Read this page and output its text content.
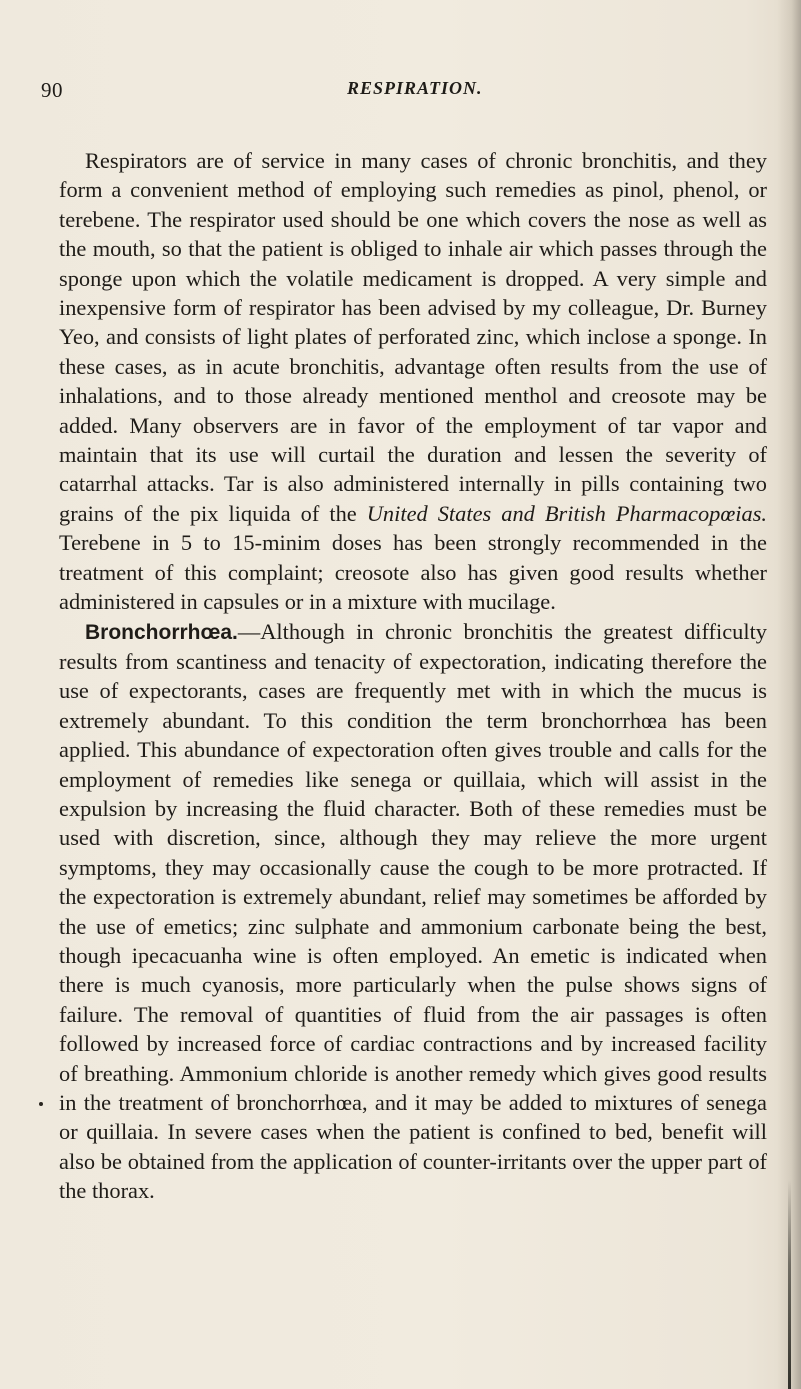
90	RESPIRATION.

Respirators are of service in many cases of chronic bronchitis, and they form a convenient method of employing such remedies as pinol, phenol, or terebene. The respirator used should be one which covers the nose as well as the mouth, so that the patient is obliged to inhale air which passes through the sponge upon which the volatile medicament is dropped. A very simple and inexpensive form of respirator has been advised by my colleague, Dr. Burney Yeo, and consists of light plates of perforated zinc, which inclose a sponge. In these cases, as in acute bronchitis, advantage often results from the use of inhalations, and to those already mentioned menthol and creosote may be added. Many observers are in favor of the employment of tar vapor and maintain that its use will curtail the duration and lessen the severity of catarrhal attacks. Tar is also administered internally in pills containing two grains of the pix liquida of the United States and British Pharmacopœias. Terebene in 5 to 15-minim doses has been strongly recommended in the treatment of this complaint; creosote also has given good results whether administered in capsules or in a mixture with mucilage.

Bronchorrhœa.—Although in chronic bronchitis the greatest difficulty results from scantiness and tenacity of expectoration, indicating therefore the use of expectorants, cases are frequently met with in which the mucus is extremely abundant. To this condition the term bronchorrhœa has been applied. This abundance of expectoration often gives trouble and calls for the employment of remedies like senega or quillaia, which will assist in the expulsion by increasing the fluid character. Both of these remedies must be used with discretion, since, although they may relieve the more urgent symptoms, they may occasionally cause the cough to be more protracted. If the expectoration is extremely abundant, relief may sometimes be afforded by the use of emetics; zinc sulphate and ammonium carbonate being the best, though ipecacuanha wine is often employed. An emetic is indicated when there is much cyanosis, more particularly when the pulse shows signs of failure. The removal of quantities of fluid from the air passages is often followed by increased force of cardiac contractions and by increased facility of breathing. Ammonium chloride is another remedy which gives good results in the treatment of bronchorrhœa, and it may be added to mixtures of senega or quillaia. In severe cases when the patient is confined to bed, benefit will also be obtained from the application of counter-irritants over the upper part of the thorax.
